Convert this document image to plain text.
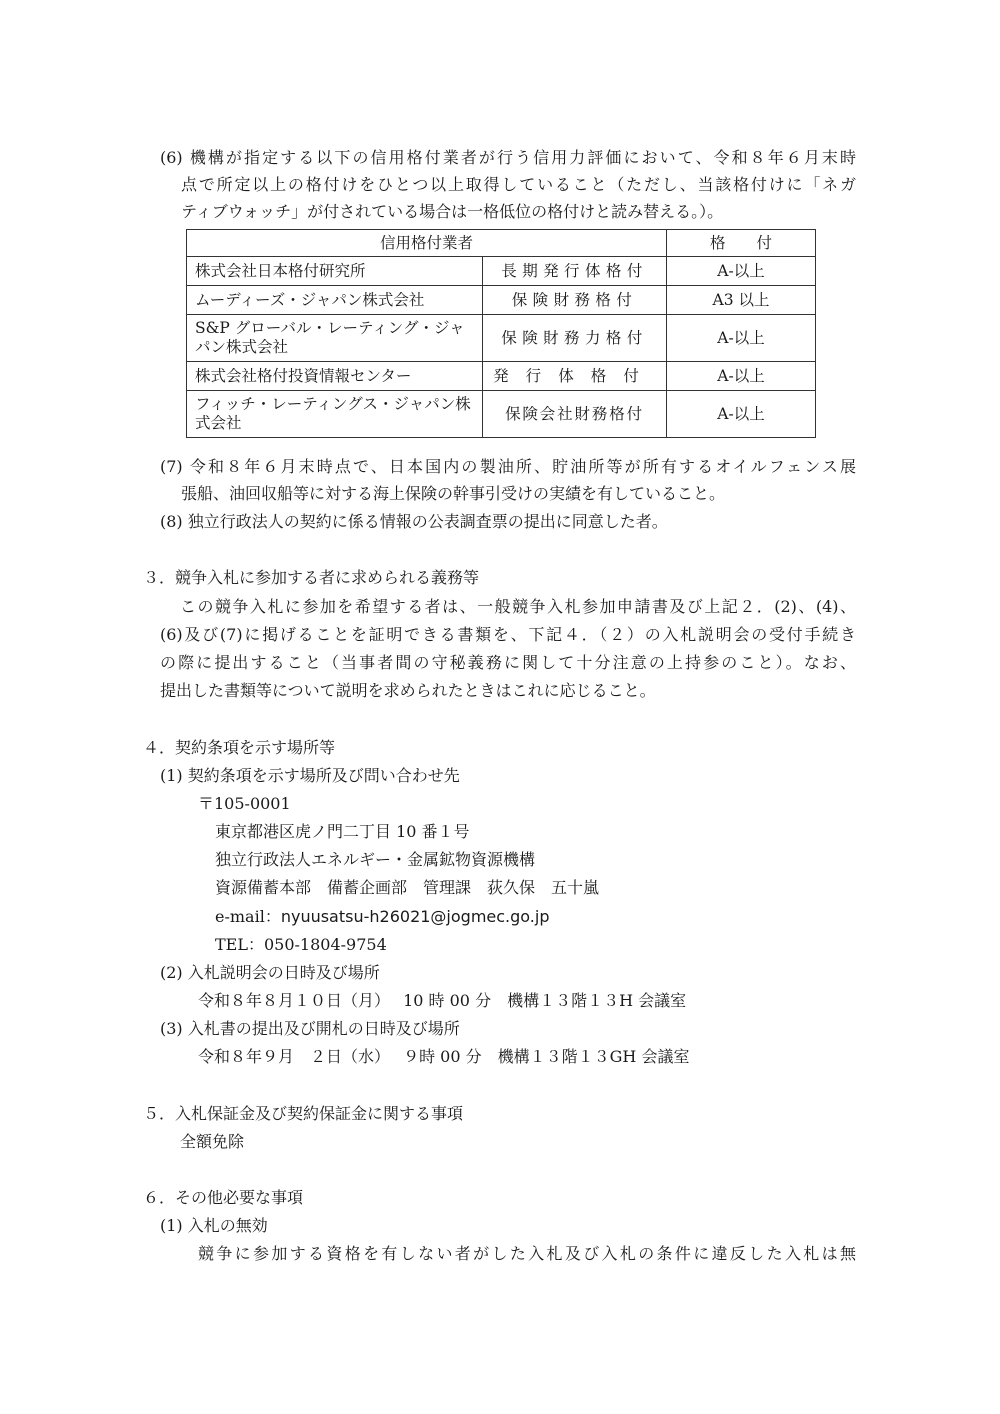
(6) 機構が指定する以下の信用格付業者が行う信用力評価において、令和８年６月末時
点で所定以上の格付けをひとつ以上取得していること（ただし、当該格付けに「ネガ
ティブウォッチ」が付されている場合は一格低位の格付けと読み替える。）。
信用格付業者		格　　付
株式会社日本格付研究所	長期発行体格付	A-以上
ムーディーズ・ジャパン株式会社	保険財務格付	A3 以上
S&P グローバル・レーティング・ジャパン株式会社	保険財務力格付	A-以上
株式会社格付投資情報センター	発行体格付	A-以上
フィッチ・レーティングス・ジャパン株式会社	保険会社財務格付	A-以上
(7) 令和８年６月末時点で、日本国内の製油所、貯油所等が所有するオイルフェンス展
張船、油回収船等に対する海上保険の幹事引受けの実績を有していること。
(8) 独立行政法人の契約に係る情報の公表調査票の提出に同意した者。
３．競争入札に参加する者に求められる義務等
この競争入札に参加を希望する者は、一般競争入札参加申請書及び上記２．(2)、(4)、
(6)及び(7)に掲げることを証明できる書類を、下記４．（２）の入札説明会の受付手続き
の際に提出すること（当事者間の守秘義務に関して十分注意の上持参のこと）。なお、
提出した書類等について説明を求められたときはこれに応じること。
４．契約条項を示す場所等
(1) 契約条項を示す場所及び問い合わせ先
〒105-0001
東京都港区虎ノ門二丁目 10 番１号
独立行政法人エネルギー・金属鉱物資源機構
資源備蓄本部　備蓄企画部　管理課　荻久保　五十嵐
e-mail：nyuusatsu-h26021@jogmec.go.jp
TEL：050-1804-9754
(2) 入札説明会の日時及び場所
令和８年８月１０日（月）　 10 時 00 分　機構１３階１３H 会議室
(3) 入札書の提出及び開札の日時及び場所
令和８年９月　２日（水）　 ９時 00 分　機構１３階１３GH 会議室
５．入札保証金及び契約保証金に関する事項
全額免除
６．その他必要な事項
(1) 入札の無効
競争に参加する資格を有しない者がした入札及び入札の条件に違反した入札は無
